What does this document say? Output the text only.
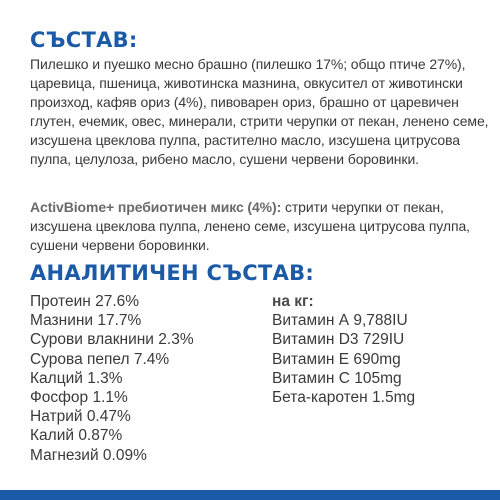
СЪСТАВ:

Пилешко и пуешко месно брашно (пилешко 17%; общо птиче 27%), царевица, пшеница, животинска мазнина, овкусител от животински произход, кафяв ориз (4%), пивоварен ориз, брашно от царевичен глутен, ечемик, овес, минерали, стрити черупки от пекан, ленено семе, изсушена цвеклова пулпа, растително масло, изсушена цитрусова пулпа, целулоза, рибено масло, сушени червени боровинки.

ActivBiome+ пребиотичен микс (4%): стрити черупки от пекан, изсушена цвеклова пулпа, ленено семе, изсушена цитрусова пулпа, сушени червени боровинки.

АНАЛИТИЧЕН СЪСТАВ:
Протеин 27.6%
Мазнини 17.7%
Сурови влакнини 2.3%
Сурова пепел 7.4%
Калций 1.3%
Фосфор 1.1%
Натрий 0.47%
Калий 0.87%
Магнезий 0.09%
на кг:
Витамин А 9,788IU
Витамин D3 729IU
Витамин Е 690mg
Витамин С 105mg
Бета-каротен 1.5mg
